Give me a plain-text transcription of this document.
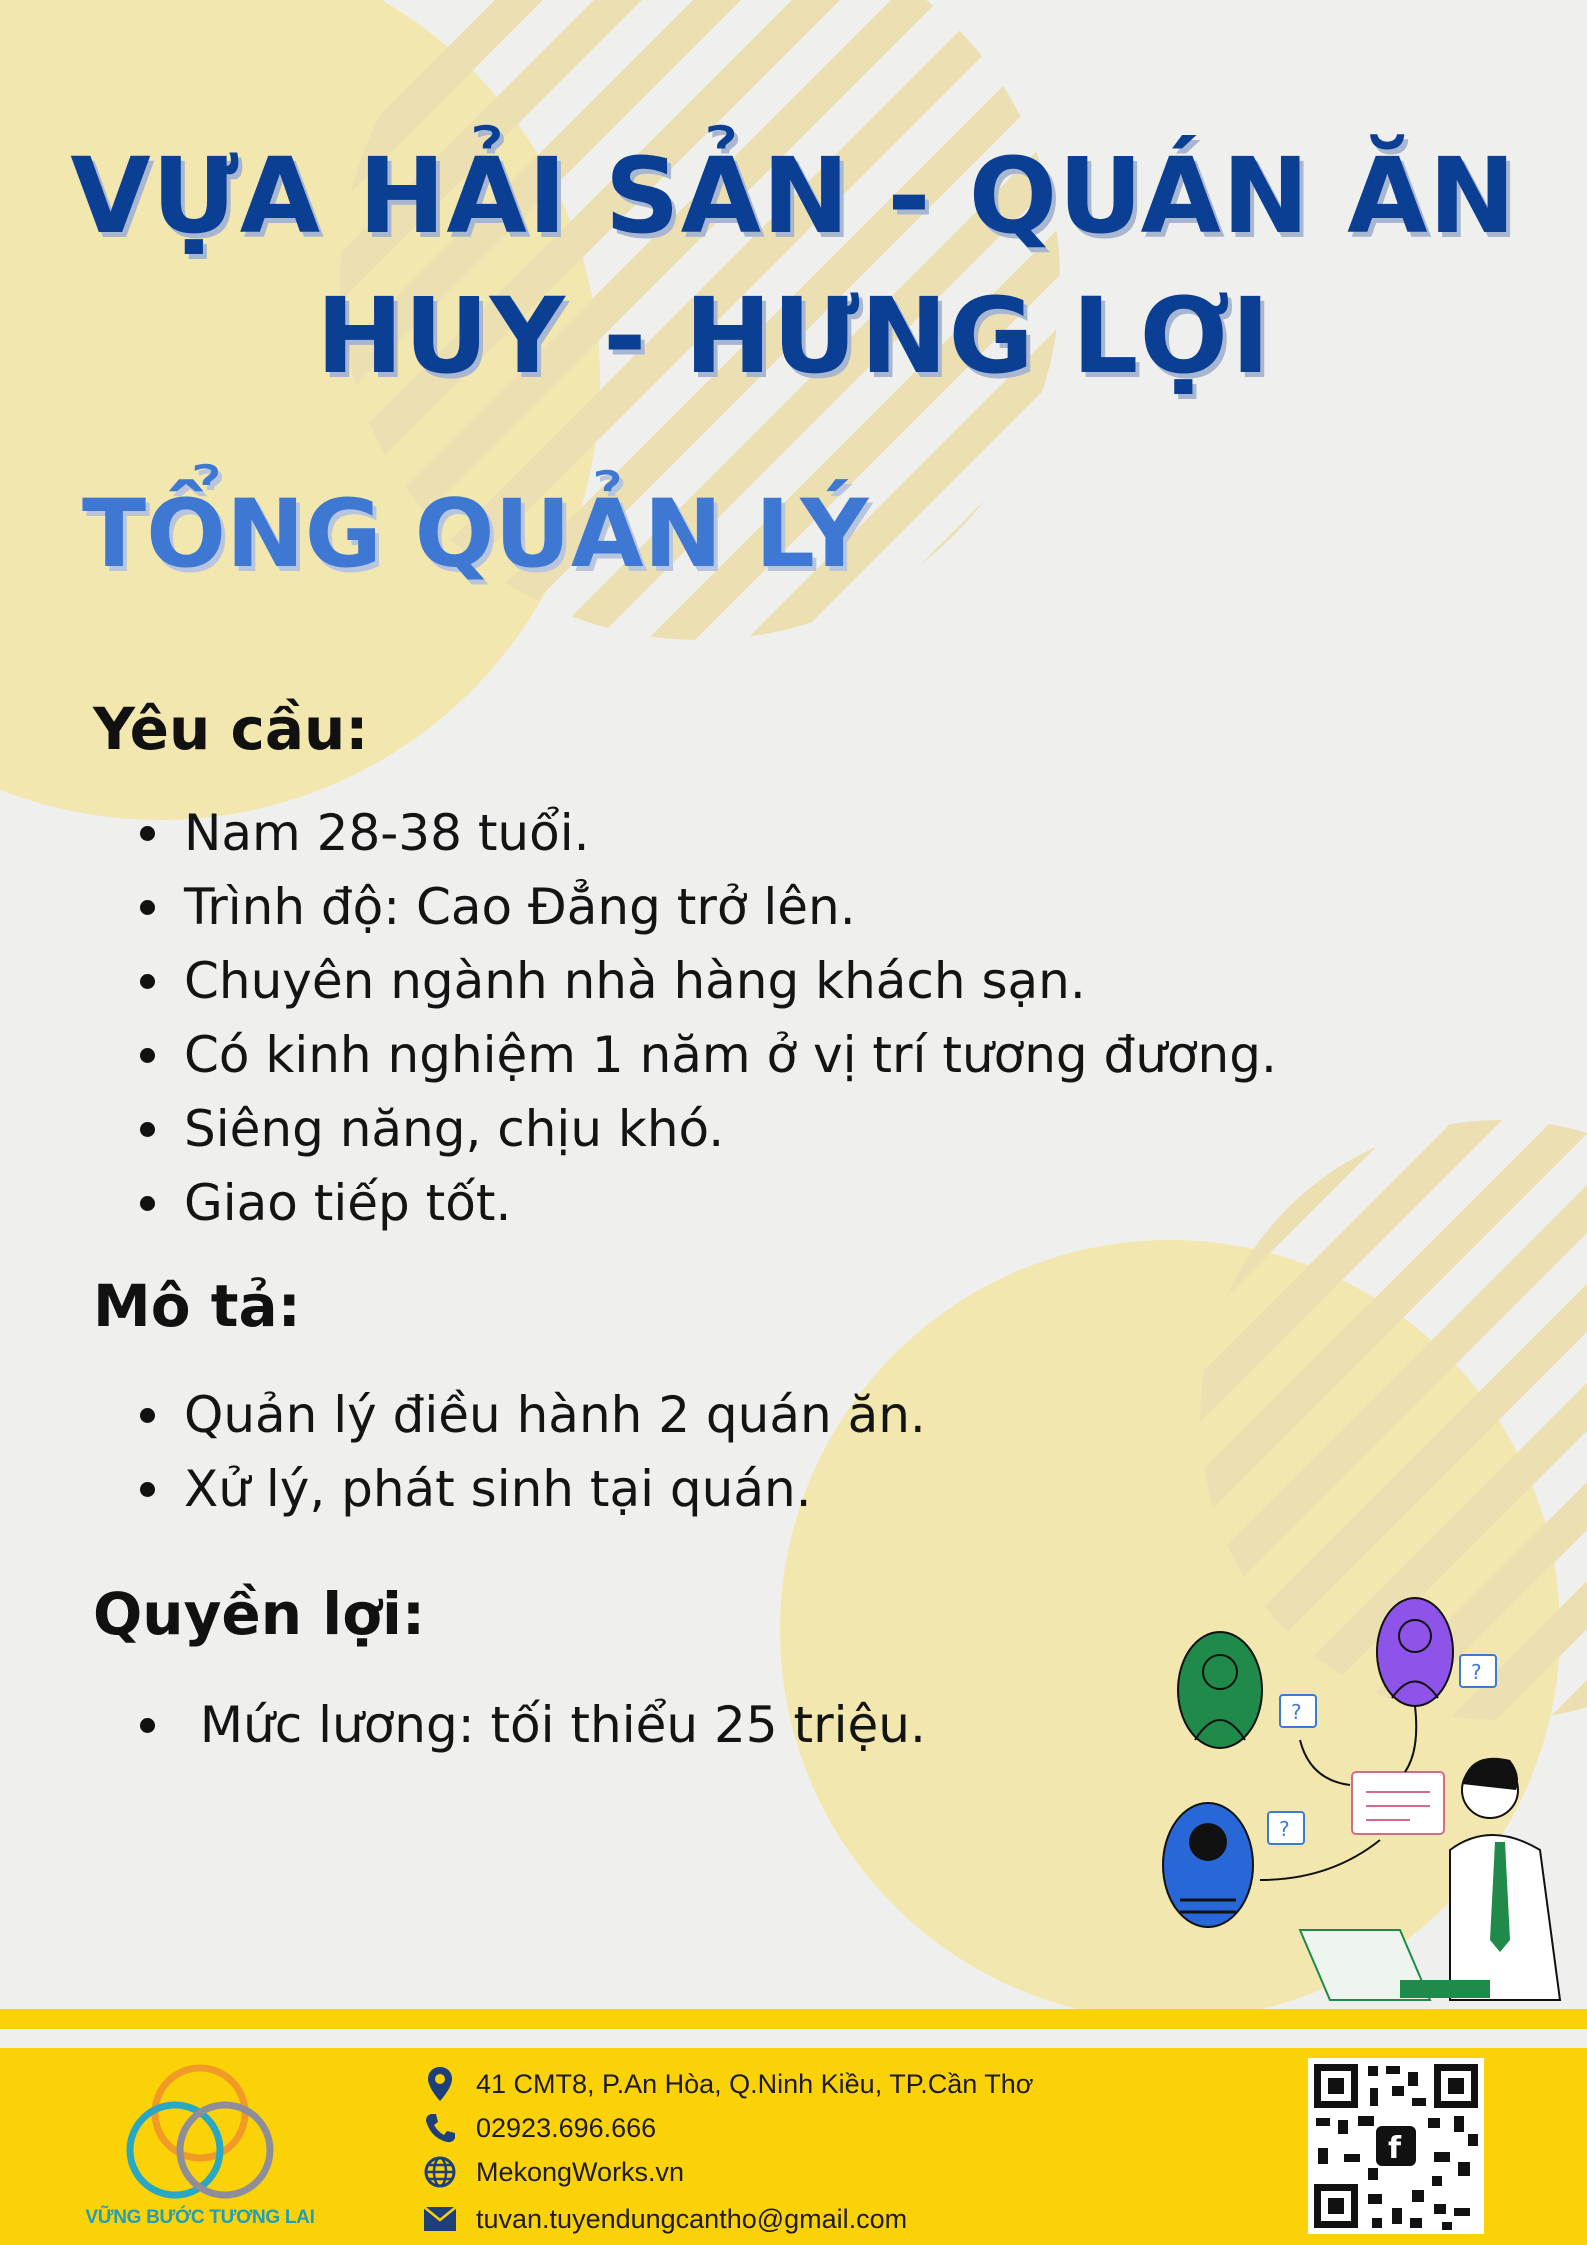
VỰA HẢI SẢN - QUÁN ĂN
HUY - HƯNG LỢI
TỔNG QUẢN LÝ
Yêu cầu:
Nam 28-38 tuổi.
Trình độ: Cao Đẳng trở lên.
Chuyên ngành nhà hàng khách sạn.
Có kinh nghiệm 1 năm ở vị trí tương đương.
Siêng năng, chịu khó.
Giao tiếp tốt.
Mô tả:
Quản lý điều hành 2 quán ăn.
Xử lý, phát sinh tại quán.
Quyền lợi:
Mức lương: tối thiểu 25 triệu.	?
?
?
VỮNG BƯỚC TƯƠNG LAI
41 CMT8, P.An Hòa, Q.Ninh Kiều, TP.Cần Thơ
02923.696.666
MekongWorks.vn
tuvan.tuyendungcantho@gmail.com
f
